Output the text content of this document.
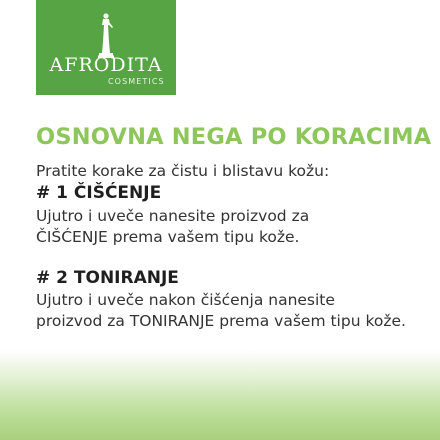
AFRODITA
COSMETICS
OSNOVNA NEGA PO KORACIMA
Pratite korake za čistu i blistavu kožu:
# 1 ČIŠĆENJE
Ujutro i uveče nanesite proizvod za
ČIŠĆENJE prema vašem tipu kože.
# 2 TONIRANJE
Ujutro i uveče nakon čišćenja nanesite
proizvod za TONIRANJE prema vašem tipu kože.
